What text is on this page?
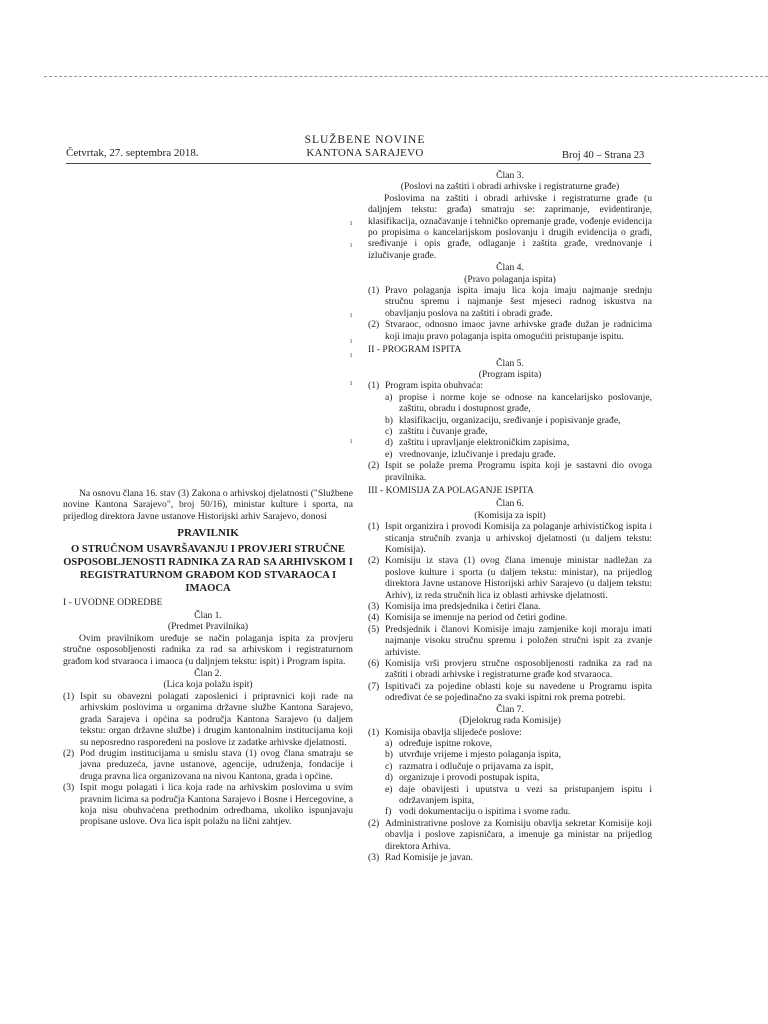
Četvrtak, 27. septembra 2018.
SLUŽBENE NOVINE
KANTONA SARAJEVO	Broj 40 – Strana 23
ı
ı
ı
ı
ı
ı
ı
Na osnovu člana 16. stav (3) Zakona o arhivskoj djelatnosti ("Službene novine Kantona Sarajevo", broj 50/16), ministar kulture i sporta, na prijedlog direktora Javne ustanove Historijski arhiv Sarajevo, donosi
PRAVILNIK
O STRUČNOM USAVRŠAVANJU I PROVJERI STRUČNE OSPOSOBLJENOSTI RADNIKA ZA RAD SA ARHIVSKOM I REGISTRATURNOM GRAĐOM KOD STVARAOCA I IMAOCA
I - UVODNE ODREDBE
Član 1.
(Predmet Pravilnika)
Ovim pravilnikom uređuje se način polaganja ispita za provjeru stručne osposobljenosti radnika za rad sa arhivskom i registraturnom građom kod stvaraoca i imaoca (u daljnjem tekstu: ispit) i Program ispita.
Član 2.
(Lica koja polažu ispit)
(1) Ispit su obavezni polagati zaposlenici i pripravnici koji rade na arhivskim poslovima u organima državne službe Kantona Sarajevo, grada Sarajeva i općina sa područja Kantona Sarajevo (u daljem tekstu: organ državne službe) i drugim kantonalnim institucijama koji su neposredno raspoređeni na poslove iz zadatke arhivske djelatnosti.
(2) Pod drugim institucijama u smislu stava (1) ovog člana smatraju se javna preduzeća, javne ustanove, agencije, udruženja, fondacije i druga pravna lica organizovana na nivou Kantona, grada i općine.
(3) Ispit mogu polagati i lica koja rade na arhivskim poslovima u svim pravnim licima sa područja Kantona Sarajevo i Bosne i Hercegovine, a koja nisu obuhvaćena prethodnim odredbama, ukoliko ispunjavaju propisane uslove. Ova lica ispit polažu na lični zahtjev.
Član 3.
(Poslovi na zaštiti i obradi arhivske i registraturne građe)
Poslovima na zaštiti i obradi arhivske i registraturne građe (u daljnjem tekstu: građa) smatraju se: zaprimanje, evidentiranje, klasifikacija, označavanje i tehničko opremanje građe, vođenje evidencija po propisima o kancelarijskom poslovanju i drugih evidencija o građi, sređivanje i opis građe, odlaganje i zaštita građe, vrednovanje i izlučivanje građe.
Član 4.
(Pravo polaganja ispita)
(1) Pravo polaganja ispita imaju lica koja imaju najmanje srednju stručnu spremu i najmanje šest mjeseci radnog iskustva na obavljanju poslova na zaštiti i obradi građe.
(2) Stvaraoc, odnosno imaoc javne arhivske građe dužan je radnicima koji imaju pravo polaganja ispita omogućiti pristupanje ispitu.
II - PROGRAM ISPITA
Član 5.
(Program ispita)
(1) Program ispita obuhvaća:
a) propise i norme koje se odnose na kancelarijsko poslovanje, zaštitu, obradu i dostupnost građe,
b) klasifikaciju, organizaciju, sređivanje i popisivanje građe,
c) zaštitu i čuvanje građe,
d) zaštitu i upravljanje elektroničkim zapisima,
e) vrednovanje, izlučivanje i predaju građe.
(2) Ispit se polaže prema Programu ispita koji je sastavni dio ovoga pravilnika.
III - KOMISIJA ZA POLAGANJE ISPITA
Član 6.
(Komisija za ispit)
(1) Ispit organizira i provodi Komisija za polaganje arhivističkog ispita i sticanja stručnih zvanja u arhivskoj djelatnosti (u daljem tekstu: Komisija).
(2) Komisiju iz stava (1) ovog člana imenuje ministar nadležan za poslove kulture i sporta (u daljem tekstu: ministar), na prijedlog direktora Javne ustanove Historijski arhiv Sarajevo (u daljem tekstu: Arhiv), iz reda stručnih lica iz oblasti arhivske djelatnosti.
(3) Komisija ima predsjednika i četiri člana.
(4) Komisija se imenuje na period od četiri godine.
(5) Predsjednik i članovi Komisije imaju zamjenike koji moraju imati najmanje visoku stručnu spremu i položen stručni ispit za zvanje arhiviste.
(6) Komisija vrši provjeru stručne osposobljenosti radnika za rad na zaštiti i obradi arhivske i registraturne građe kod stvaraoca.
(7) Ispitivači za pojedine oblasti koje su navedene u Programu ispita određivat će se pojedinačno za svaki ispitni rok prema potrebi.
Član 7.
(Djelokrug rada Komisije)
(1) Komisija obavlja slijedeće poslove:
a) određuje ispitne rokove,
b) utvrđuje vrijeme i mjesto polaganja ispita,
c) razmatra i odlučuje o prijavama za ispit,
d) organizuje i provodi postupak ispita,
e) daje obavijesti i uputstva u vezi sa pristupanjem ispitu i održavanjem ispita,
f) vodi dokumentaciju o ispitima i svome radu.
(2) Administrativne poslove za Komisiju obavlja sekretar Komisije koji obavlja i poslove zapisničara, a imenuje ga ministar na prijedlog direktora Arhiva.
(3) Rad Komisije je javan.
